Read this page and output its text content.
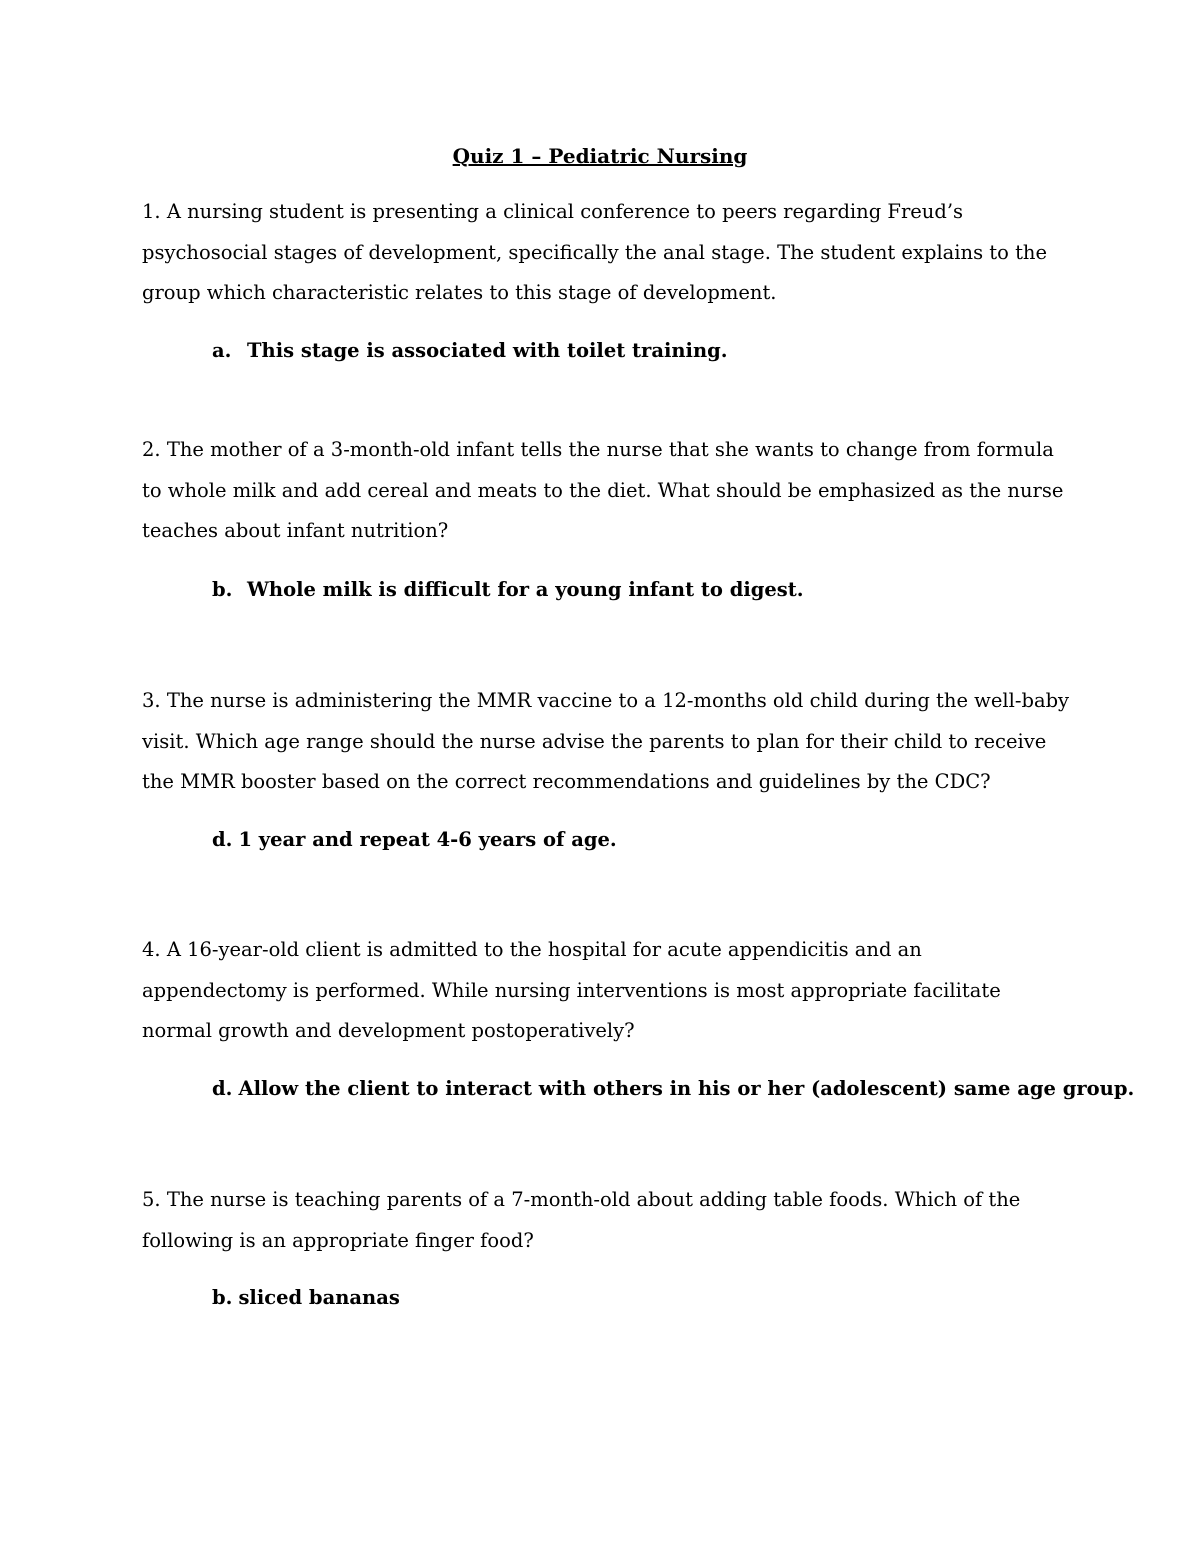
Quiz 1 – Pediatric Nursing
1. A nursing student is presenting a clinical conference to peers regarding Freud’s psychosocial stages of development, specifically the anal stage. The student explains to the group which characteristic relates to this stage of development.
a. This stage is associated with toilet training.
2. The mother of a 3-month-old infant tells the nurse that she wants to change from formula to whole milk and add cereal and meats to the diet. What should be emphasized as the nurse teaches about infant nutrition?
b. Whole milk is difficult for a young infant to digest.
3. The nurse is administering the MMR vaccine to a 12-months old child during the well-baby visit. Which age range should the nurse advise the parents to plan for their child to receive the MMR booster based on the correct recommendations and guidelines by the CDC?
d. 1 year and repeat 4-6 years of age.
4. A 16-year-old client is admitted to the hospital for acute appendicitis and an appendectomy is performed. While nursing interventions is most appropriate facilitate normal growth and development postoperatively?
d. Allow the client to interact with others in his or her (adolescent) same age group.
5. The nurse is teaching parents of a 7-month-old about adding table foods. Which of the following is an appropriate finger food?
b. sliced bananas
